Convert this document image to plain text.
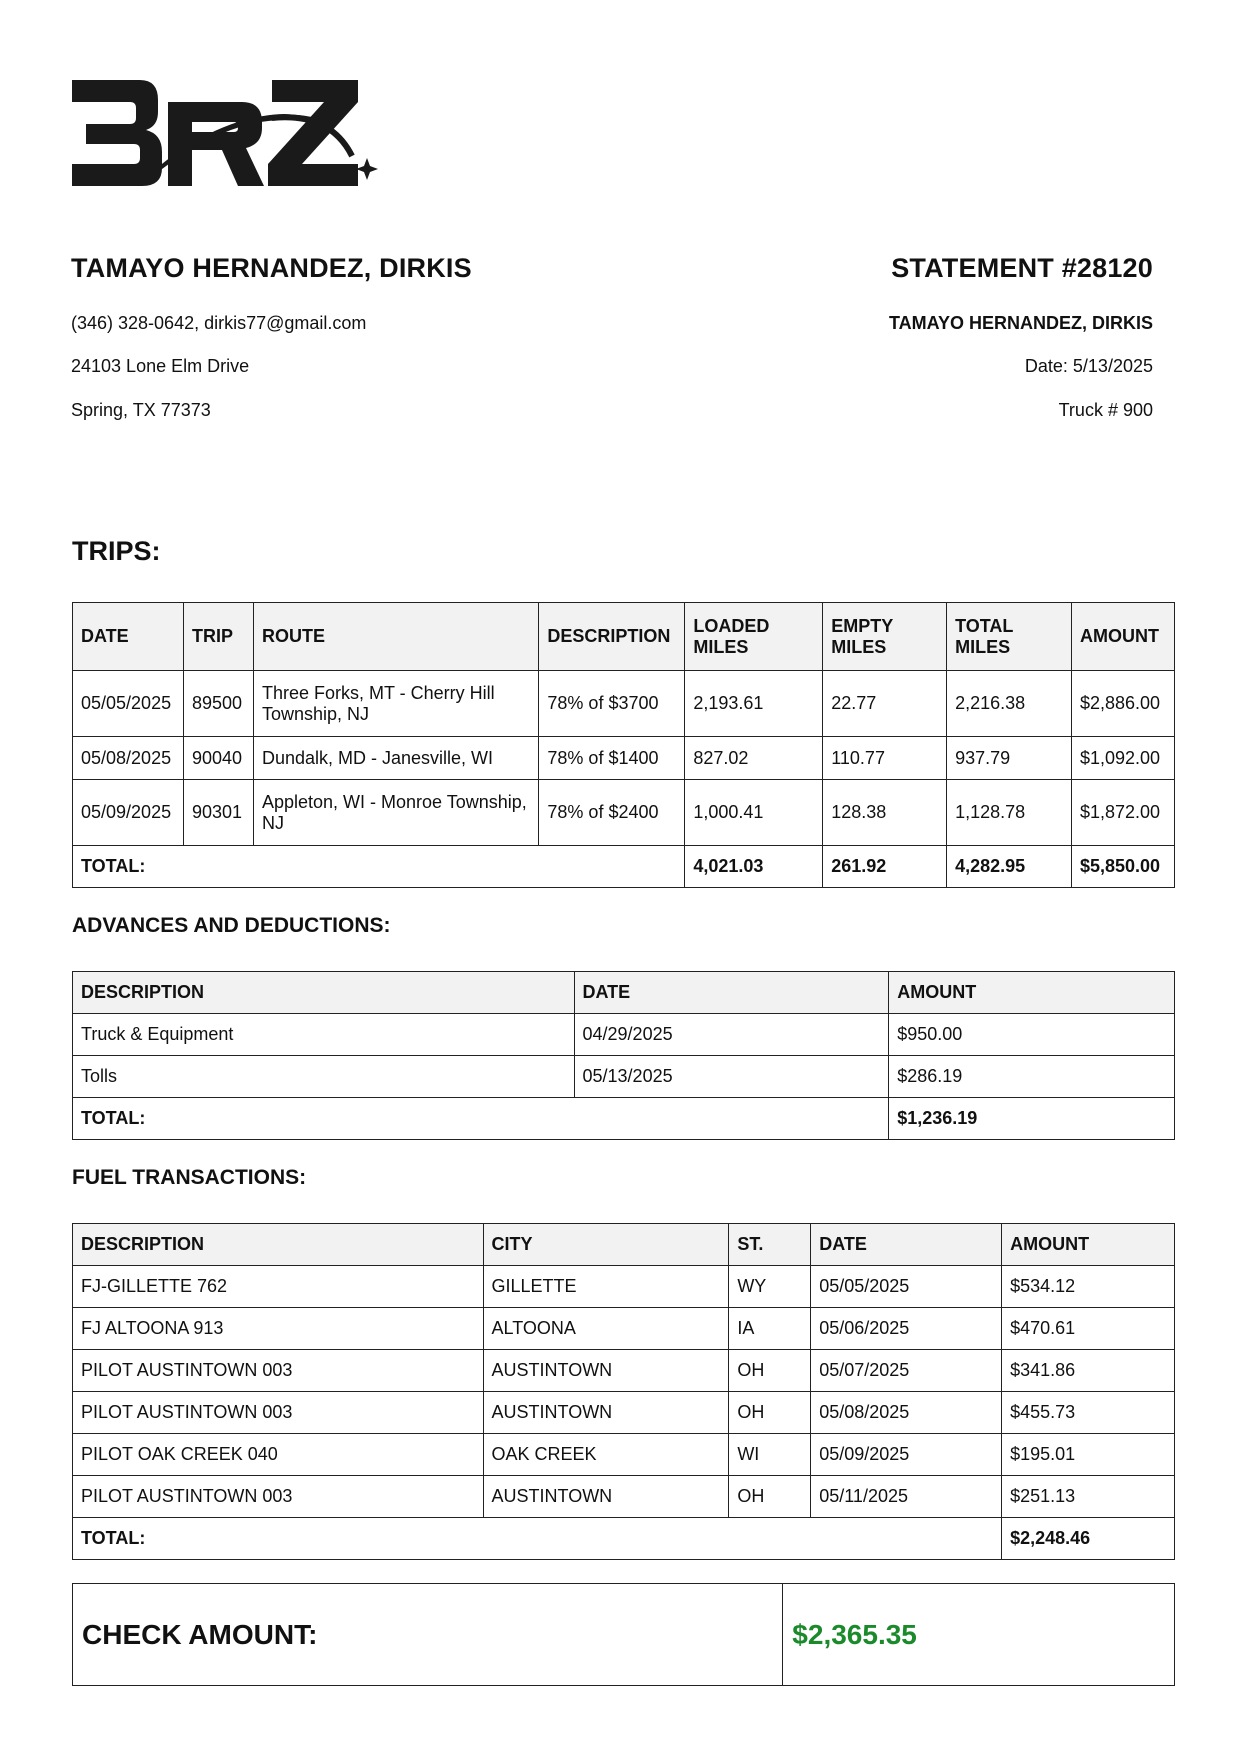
TAMAYO HERNANDEZ, DIRKIS
(346) 328-0642, dirkis77@gmail.com
24103 Lone Elm Drive
Spring, TX 77373
STATEMENT #28120
TAMAYO HERNANDEZ, DIRKIS
Date: 5/13/2025
Truck # 900
TRIPS:
DATE	TRIP	ROUTE	DESCRIPTION	LOADED MILES	EMPTY MILES	TOTAL MILES	AMOUNT
05/05/2025	89500	Three Forks, MT - Cherry Hill Township, NJ	78% of $3700	2,193.61	22.77	2,216.38	$2,886.00
05/08/2025	90040	Dundalk, MD - Janesville, WI	78% of $1400	827.02	110.77	937.79	$1,092.00
05/09/2025	90301	Appleton, WI - Monroe Township, NJ	78% of $2400	1,000.41	128.38	1,128.78	$1,872.00
TOTAL:				4,021.03	261.92	4,282.95	$5,850.00
ADVANCES AND DEDUCTIONS:
DESCRIPTION	DATE	AMOUNT
Truck & Equipment	04/29/2025	$950.00
Tolls	05/13/2025	$286.19
TOTAL:		$1,236.19
FUEL TRANSACTIONS:
DESCRIPTION	CITY	ST.	DATE	AMOUNT
FJ-GILLETTE 762	GILLETTE	WY	05/05/2025	$534.12
FJ ALTOONA 913	ALTOONA	IA	05/06/2025	$470.61
PILOT AUSTINTOWN 003	AUSTINTOWN	OH	05/07/2025	$341.86
PILOT AUSTINTOWN 003	AUSTINTOWN	OH	05/08/2025	$455.73
PILOT OAK CREEK 040	OAK CREEK	WI	05/09/2025	$195.01
PILOT AUSTINTOWN 003	AUSTINTOWN	OH	05/11/2025	$251.13
TOTAL:				$2,248.46
CHECK AMOUNT:	$2,365.35
